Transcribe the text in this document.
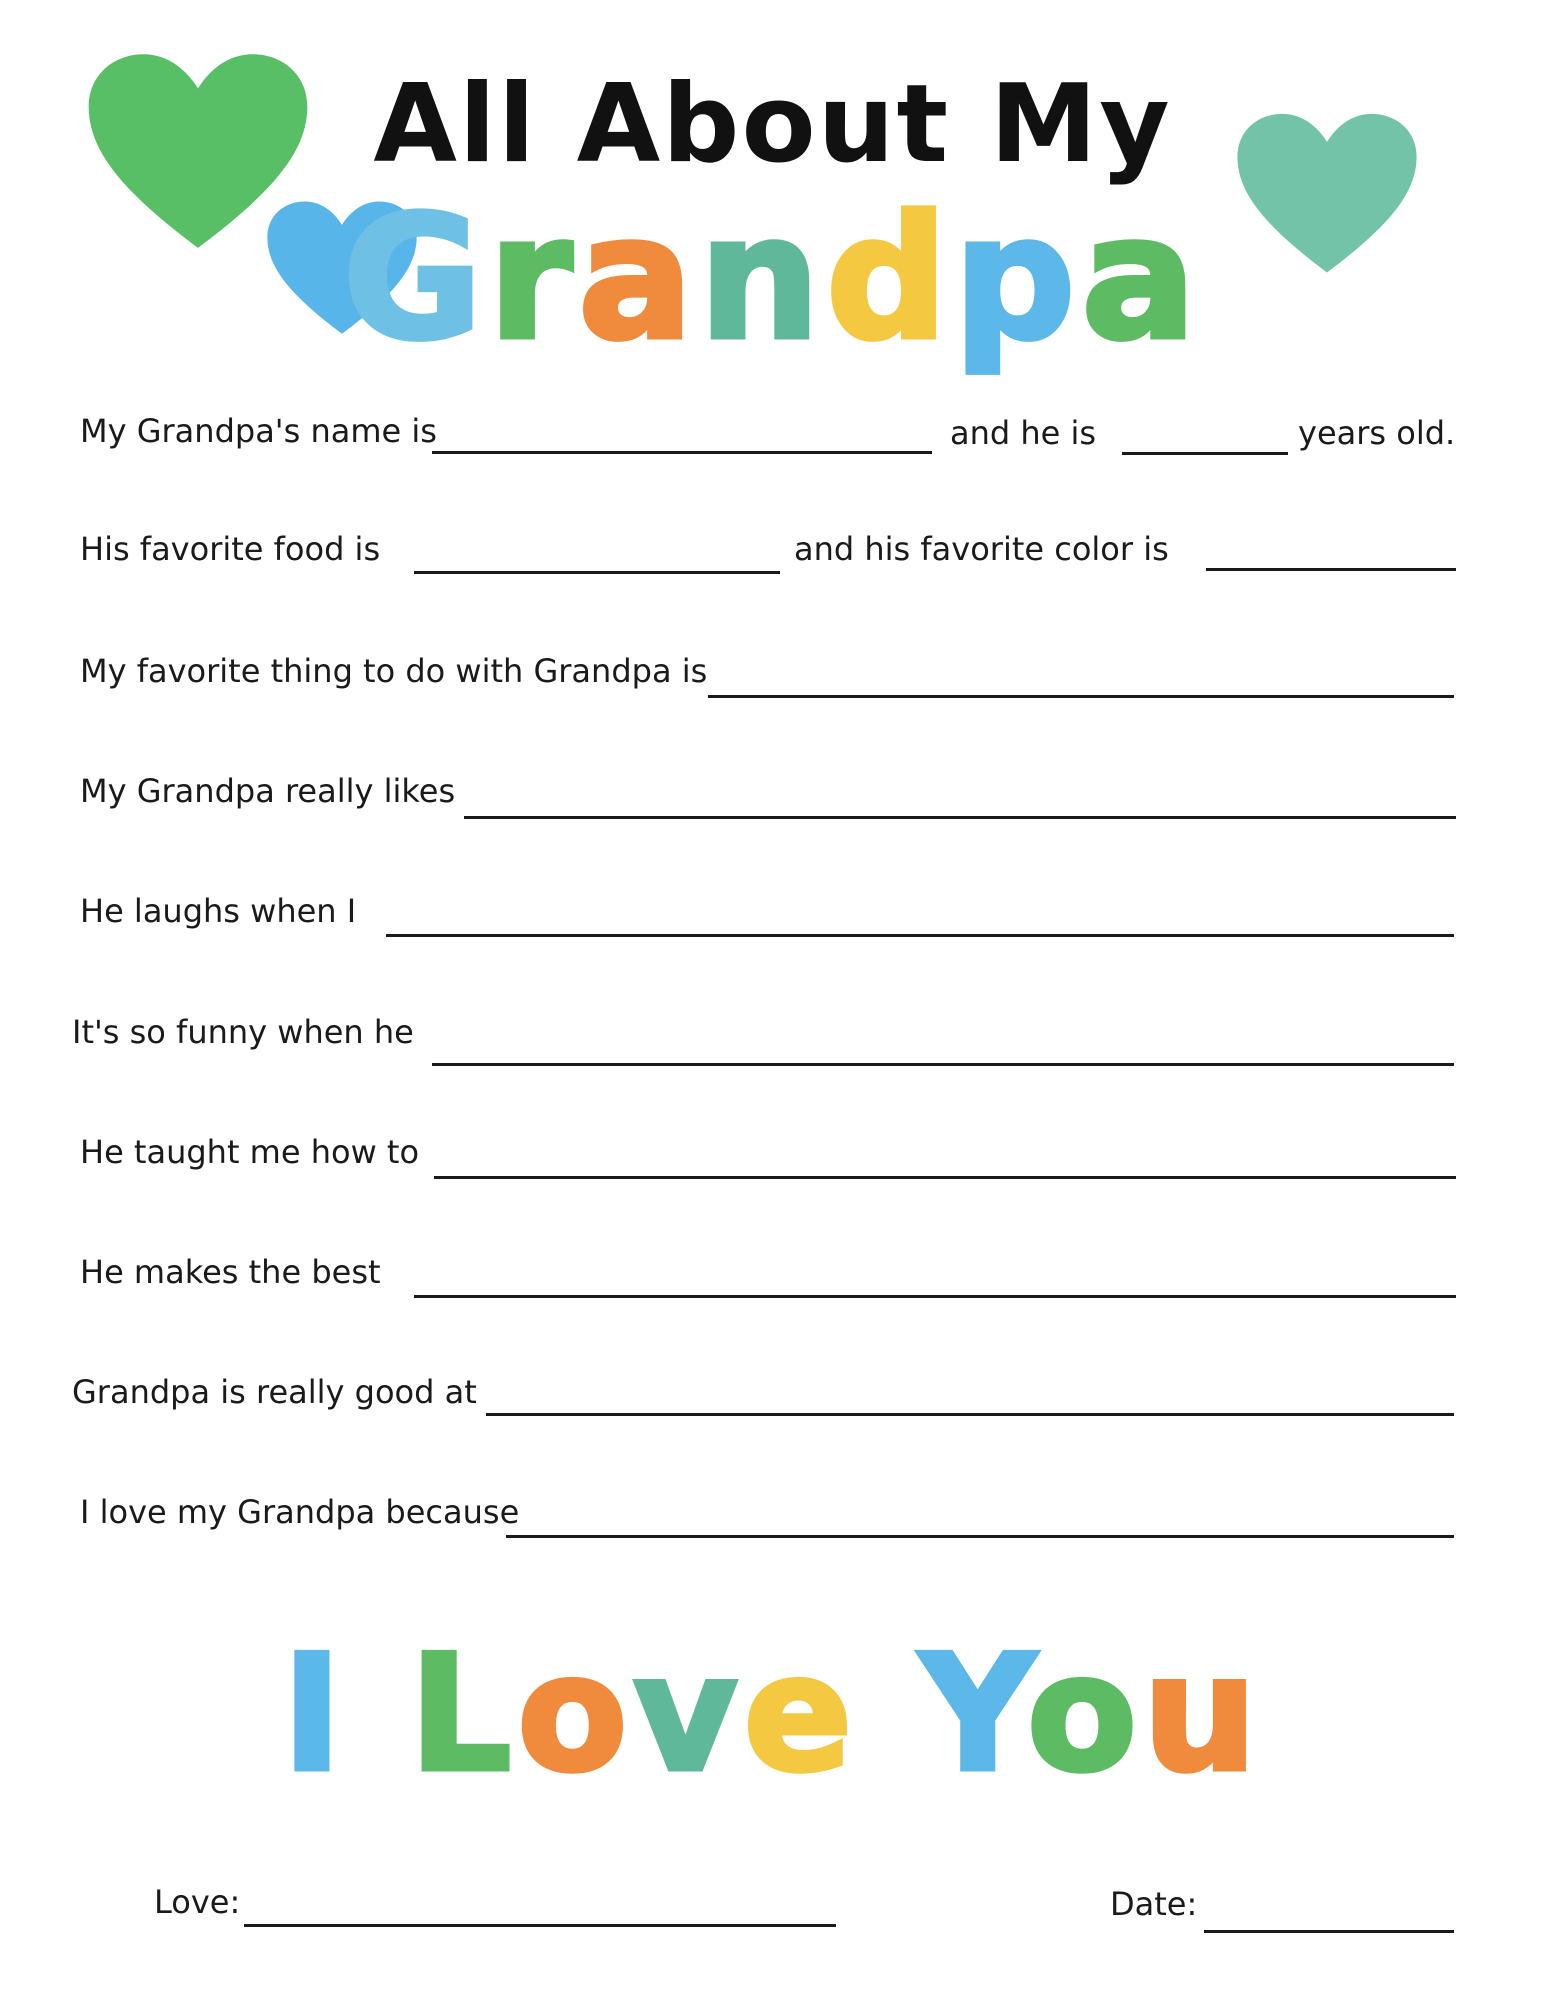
All About My
Grandpa
My Grandpa's name is	and he is	years old.
His favorite food is	and his favorite color is
My favorite thing to do with Grandpa is
My Grandpa really likes
He laughs when I
It's so funny when he
He taught me how to
He makes the best
Grandpa is really good at
I love my Grandpa because
I Love You
Love:	Date:
